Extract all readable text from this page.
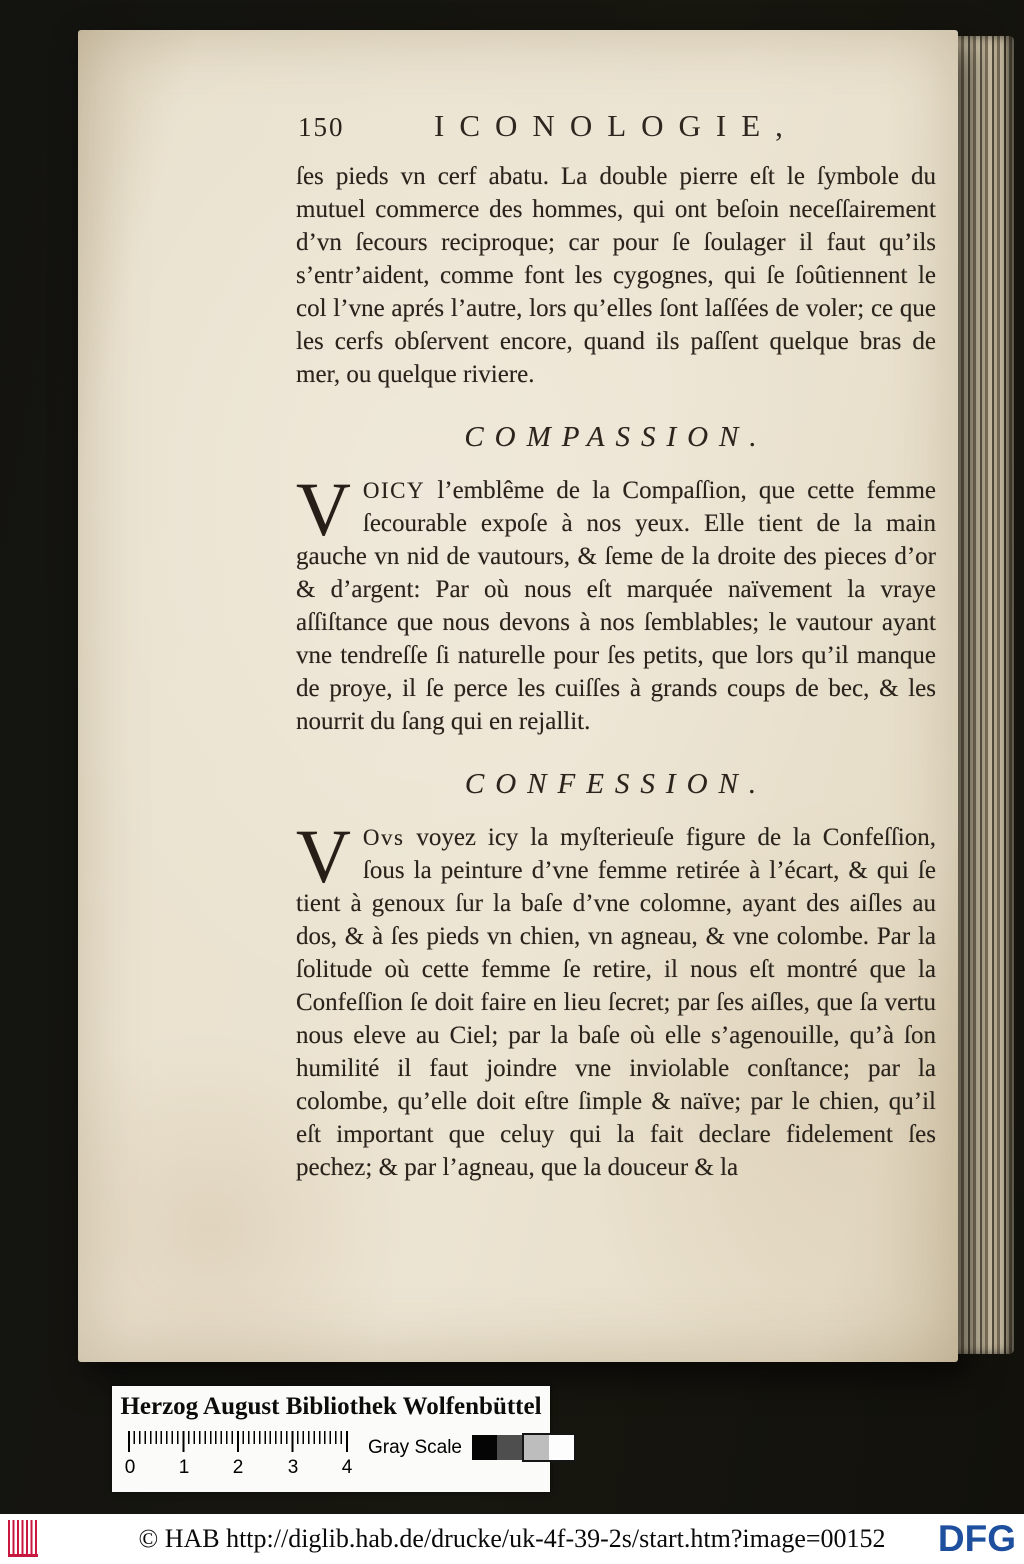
150	ICONOLOGIE,

ſes pieds vn cerf abatu. La double pierre eſt le ſymbole du mutuel commerce des hommes, qui ont beſoin neceſſairement d’vn ſecours reciproque; car pour ſe ſoulager il faut qu’ils s’entr’aident, comme font les cygognes, qui ſe ſoûtiennent le col l’vne aprés l’autre, lors qu’elles ſont laſſées de voler; ce que les cerfs obſervent encore, quand ils paſſent quelque bras de mer, ou quelque riviere.

COMPASSION.

VOICY l’emblême de la Compaſſion, que cette femme ſecourable expoſe à nos yeux. Elle tient de la main gauche vn nid de vautours, & ſeme de la droite des pieces d’or & d’argent: Par où nous eſt marquée naïvement la vraye aſſiſtance que nous devons à nos ſemblables; le vautour ayant vne tendreſſe ſi naturelle pour ſes petits, que lors qu’il manque de proye, il ſe perce les cuiſſes à grands coups de bec, & les nourrit du ſang qui en rejallit.

CONFESSION.

V Ovs voyez icy la myſterieuſe figure de la Confeſſion, ſous la peinture d’vne femme retirée à l’écart, & qui ſe tient à genoux ſur la baſe d’vne colomne, ayant des aiſles au dos, & à ſes pieds vn chien, vn agneau, & vne colombe. Par la ſolitude où cette femme ſe retire, il nous eſt montré que la Confeſſion ſe doit faire en lieu ſecret; par ſes aiſles, que ſa vertu nous eleve au Ciel; par la baſe où elle s’agenouille, qu’à ſon humilité il faut joindre vne inviolable conſtance; par la colombe, qu’elle doit eſtre ſimple & naïve; par le chien, qu’il eſt important que celuy qui la fait declare fidelement ſes pechez; & par l’agneau, que la douceur & la

Herzog August Bibliothek Wolfenbüttel
0 1 2 3 4
Gray Scale
© HAB http://diglib.hab.de/drucke/uk-4f-39-2s/start.htm?image=00152 DFG
